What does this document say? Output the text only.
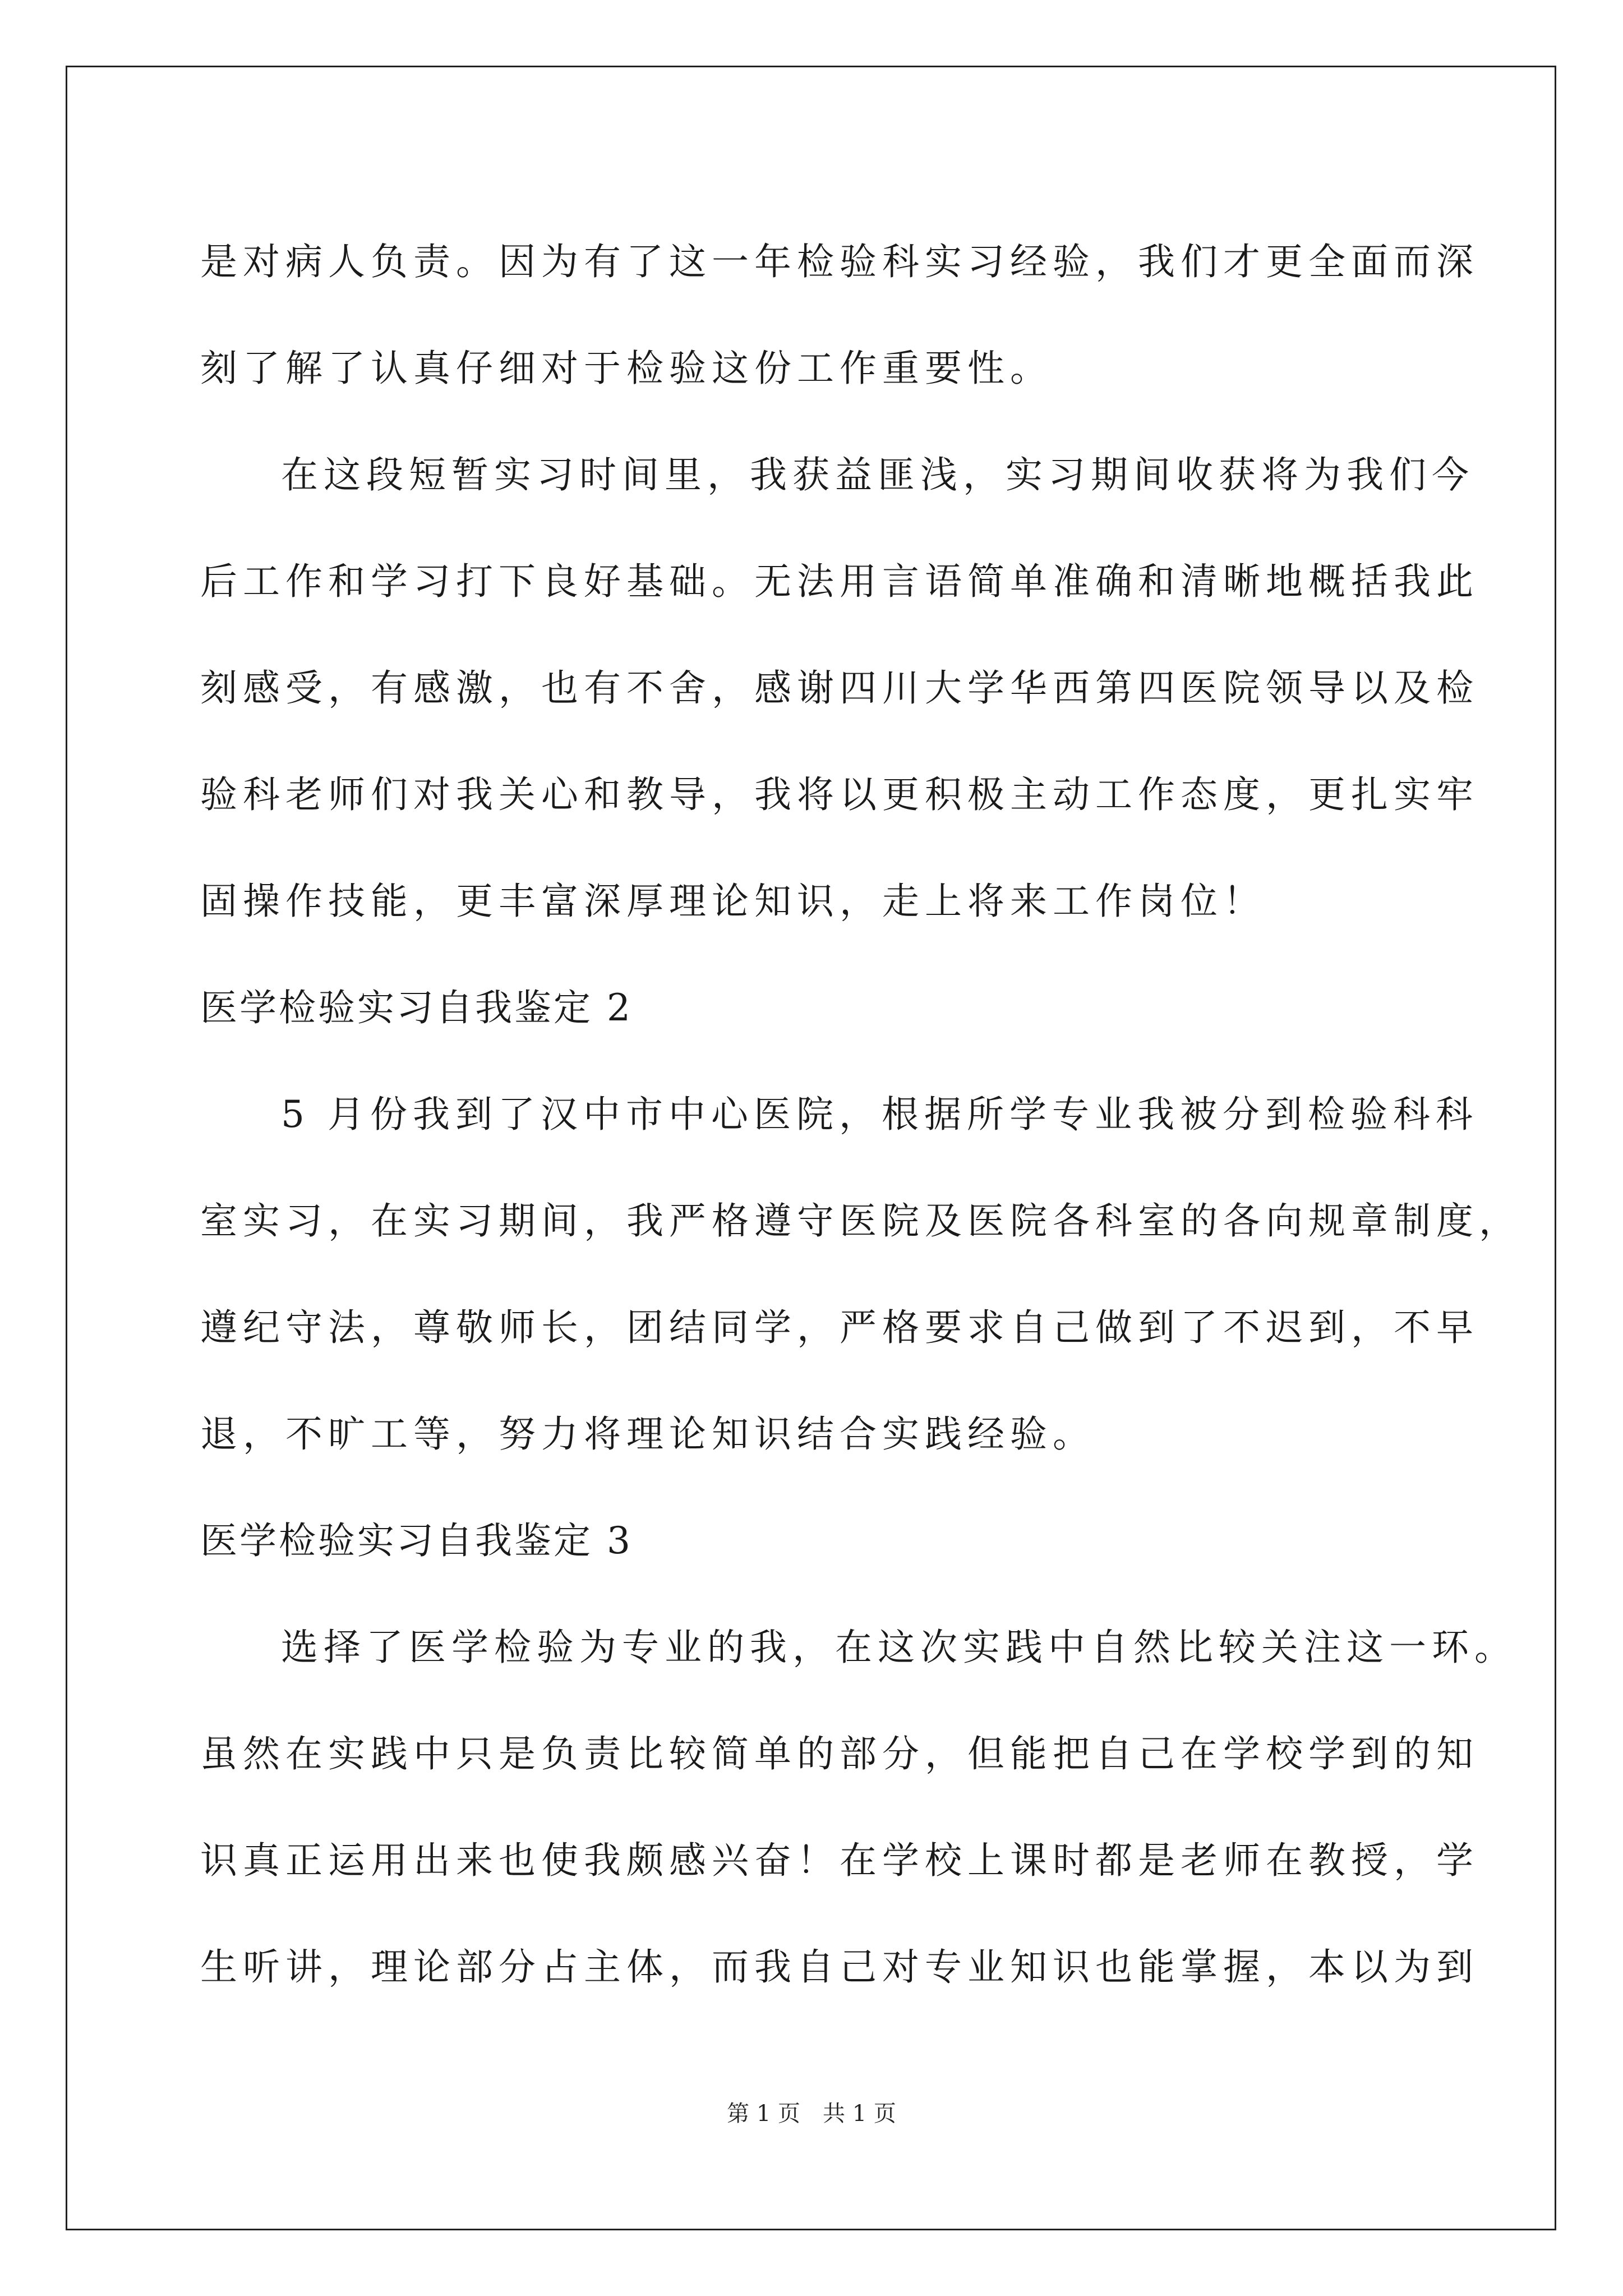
是对病人负责。因为有了这一年检验科实习经验，我们才更全面而深

刻了解了认真仔细对于检验这份工作重要性。

在这段短暂实习时间里，我获益匪浅，实习期间收获将为我们今

后工作和学习打下良好基础。无法用言语简单准确和清晰地概括我此

刻感受，有感激，也有不舍，感谢四川大学华西第四医院领导以及检

验科老师们对我关心和教导，我将以更积极主动工作态度，更扎实牢

固操作技能，更丰富深厚理论知识，走上将来工作岗位！

医学检验实习自我鉴定 2

5 月份我到了汉中市中心医院，根据所学专业我被分到检验科科

室实习，在实习期间，我严格遵守医院及医院各科室的各向规章制度，

遵纪守法，尊敬师长，团结同学，严格要求自己做到了不迟到，不早

退，不旷工等，努力将理论知识结合实践经验。

医学检验实习自我鉴定 3

选择了医学检验为专业的我，在这次实践中自然比较关注这一环。

虽然在实践中只是负责比较简单的部分，但能把自己在学校学到的知

识真正运用出来也使我颇感兴奋！在学校上课时都是老师在教授，学

生听讲，理论部分占主体，而我自己对专业知识也能掌握，本以为到

第 1 页 共 1 页
